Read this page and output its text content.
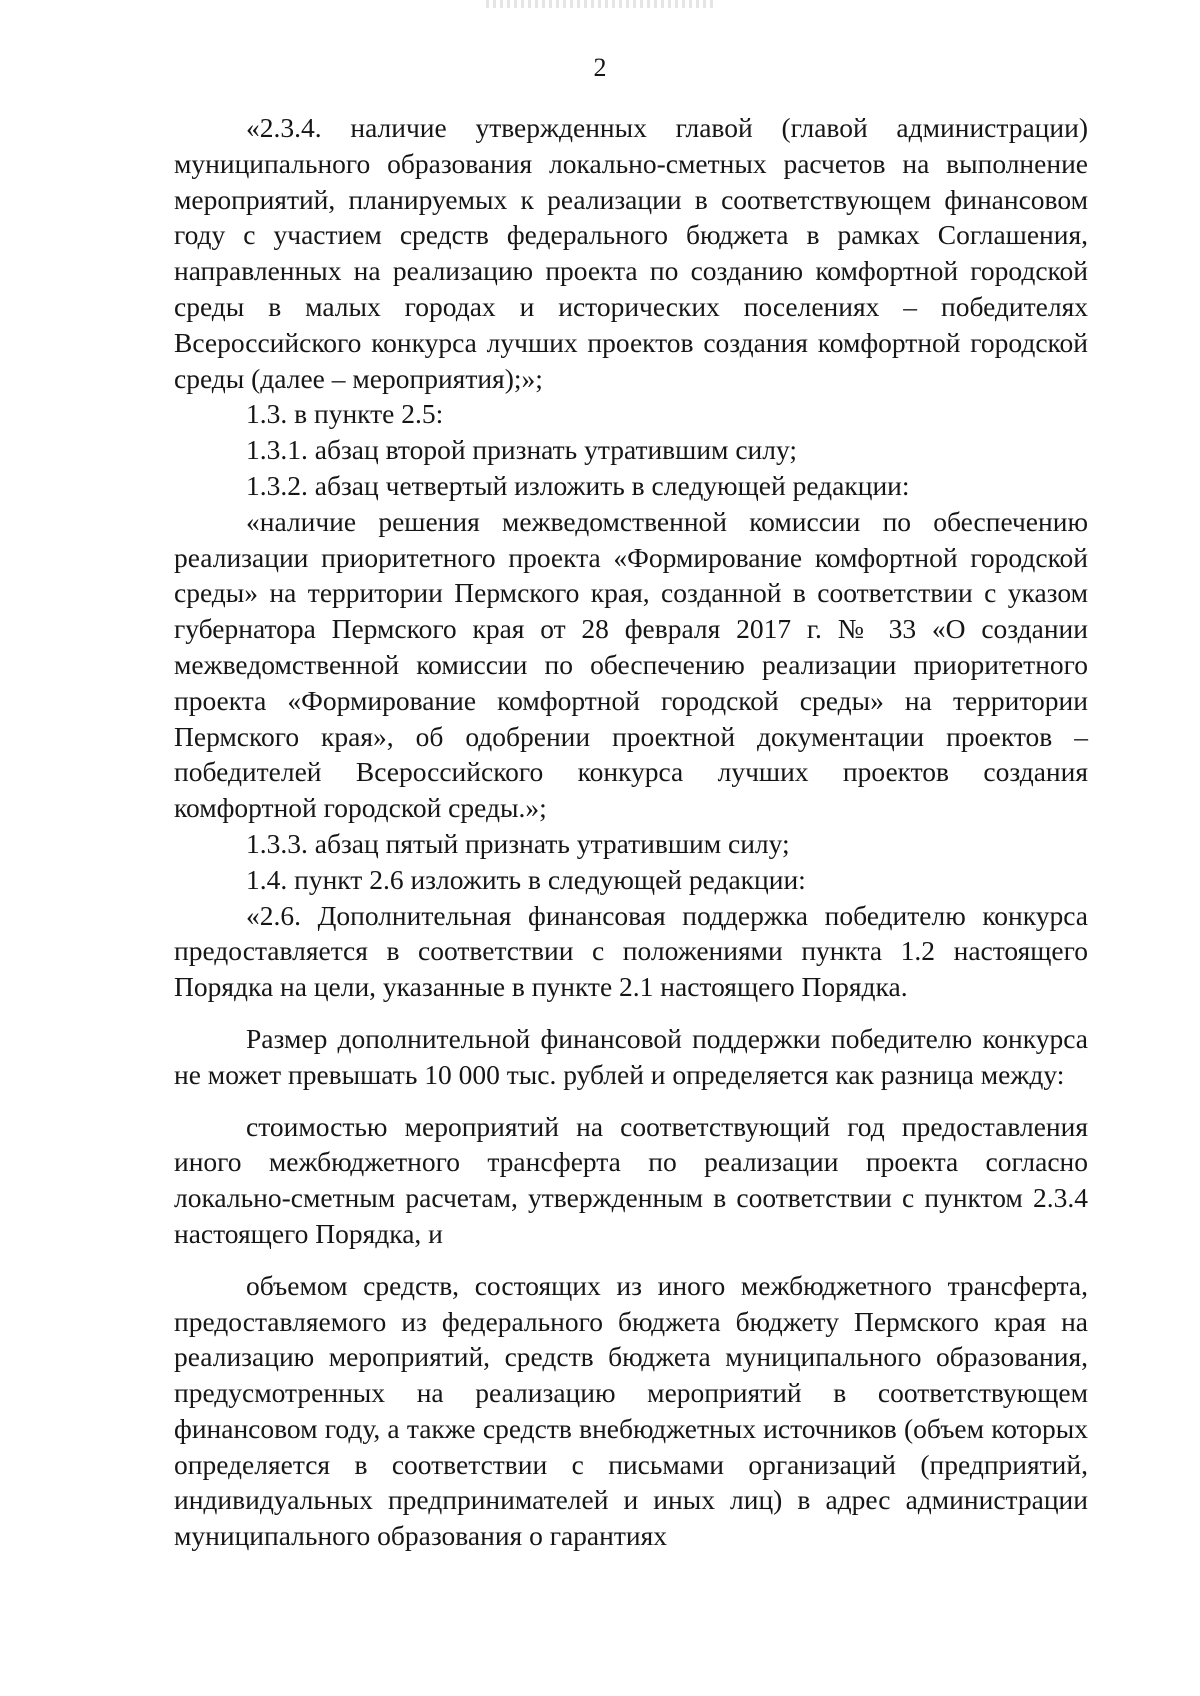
2

«2.3.4. наличие утвержденных главой (главой администрации) муниципального образования локально-сметных расчетов на выполнение мероприятий, планируемых к реализации в соответствующем финансовом году с участием средств федерального бюджета в рамках Соглашения, направленных на реализацию проекта по созданию комфортной городской среды в малых городах и исторических поселениях – победителях Всероссийского конкурса лучших проектов создания комфортной городской среды (далее – мероприятия);»;

1.3. в пункте 2.5:

1.3.1. абзац второй признать утратившим силу;

1.3.2. абзац четвертый изложить в следующей редакции:

«наличие решения межведомственной комиссии по обеспечению реализации приоритетного проекта «Формирование комфортной городской среды» на территории Пермского края, созданной в соответствии с указом губернатора Пермского края от 28 февраля 2017 г. № 33 «О создании межведомственной комиссии по обеспечению реализации приоритетного проекта «Формирование комфортной городской среды» на территории Пермского края», об одобрении проектной документации проектов – победителей Всероссийского конкурса лучших проектов создания комфортной городской среды.»;

1.3.3. абзац пятый признать утратившим силу;

1.4. пункт 2.6 изложить в следующей редакции:

«2.6. Дополнительная финансовая поддержка победителю конкурса предоставляется в соответствии с положениями пункта 1.2 настоящего Порядка на цели, указанные в пункте 2.1 настоящего Порядка.

Размер дополнительной финансовой поддержки победителю конкурса не может превышать 10 000 тыс. рублей и определяется как разница между:

стоимостью мероприятий на соответствующий год предоставления иного межбюджетного трансферта по реализации проекта согласно локально-сметным расчетам, утвержденным в соответствии с пунктом 2.3.4 настоящего Порядка, и

объемом средств, состоящих из иного межбюджетного трансферта, предоставляемого из федерального бюджета бюджету Пермского края на реализацию мероприятий, средств бюджета муниципального образования, предусмотренных на реализацию мероприятий в соответствующем финансовом году, а также средств внебюджетных источников (объем которых определяется в соответствии с письмами организаций (предприятий, индивидуальных предпринимателей и иных лиц) в адрес администрации муниципального образования о гарантиях
